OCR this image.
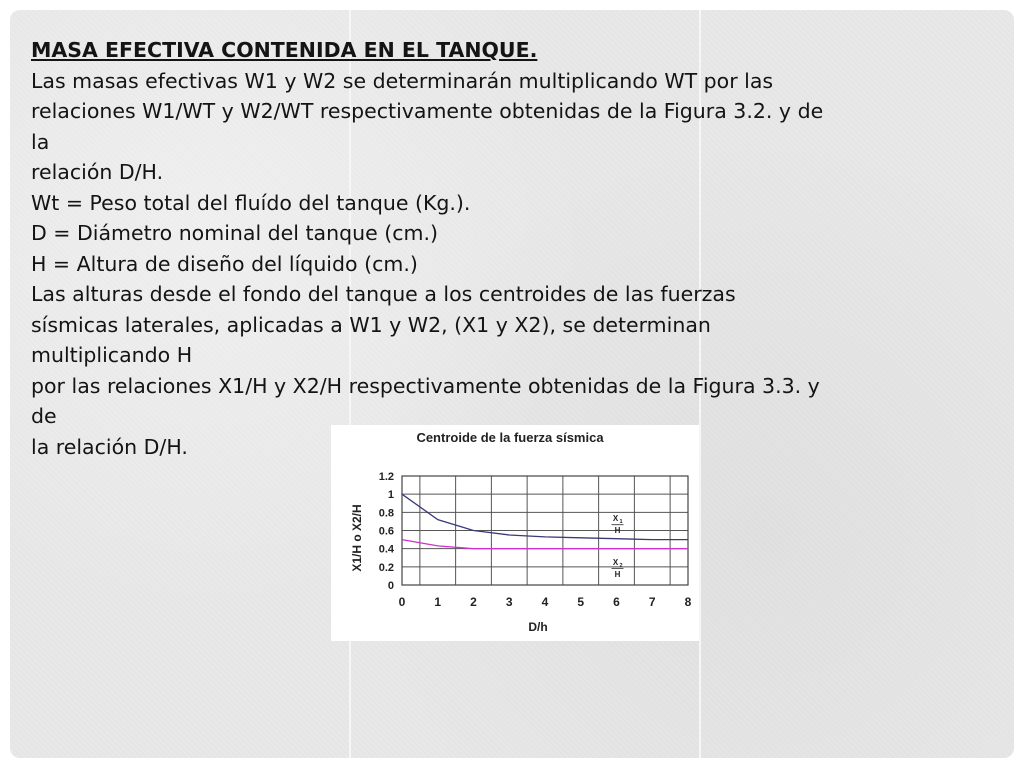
MASA EFECTIVA CONTENIDA EN EL TANQUE.

Las masas efectivas W1 y W2 se determinarán multiplicando WT por las

relaciones W1/WT y W2/WT respectivamente obtenidas de la Figura 3.2. y de

la

relación D/H.

Wt = Peso total del fluído del tanque (Kg.).

D = Diámetro nominal del tanque (cm.)

H = Altura de diseño del líquido (cm.)

Las alturas desde el fondo del tanque a los centroides de las fuerzas

sísmicas laterales, aplicadas a W1 y W2, (X1 y X2), se determinan

multiplicando H

por las relaciones X1/H y X2/H respectivamente obtenidas de la Figura 3.3. y

de

la relación D/H.	Centroide de la fuerza sísmica
D/h
X1/H o X2/H
0 1 2 3 4 5 6 7 8
0
0.2
0.4
0.6
0.8
1
1.2
X 1
H
X 2
H
